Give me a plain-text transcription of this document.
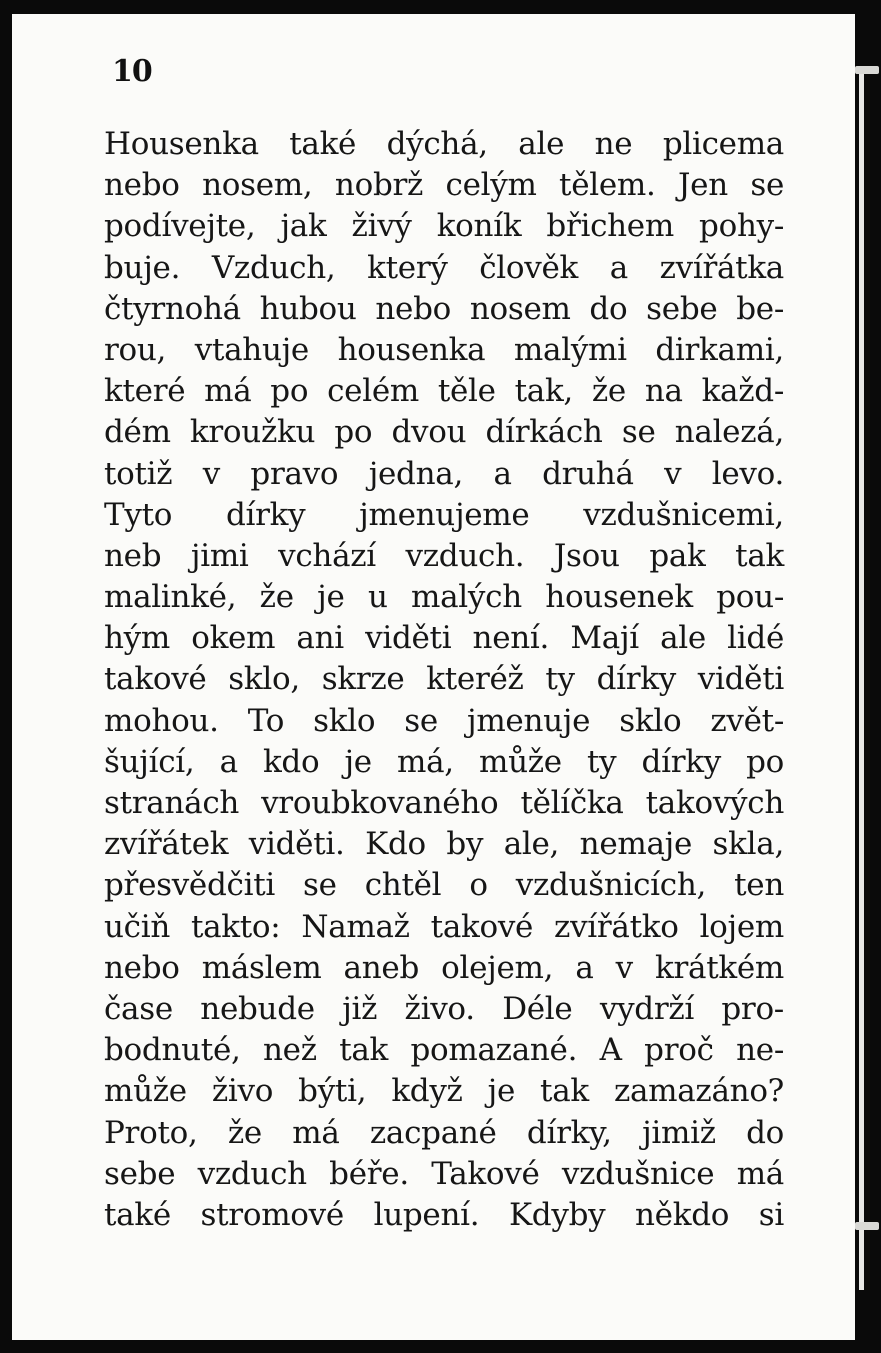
10
Housenka také dýchá, ale ne plicema
nebo nosem, nobrž celým tělem. Jen se
podívejte, jak živý koník břichem pohy-
buje. Vzduch, který člověk a zvířátka
čtyrnohá hubou nebo nosem do sebe be-
rou, vtahuje housenka malými dirkami,
které má po celém těle tak, že na každ-
dém kroužku po dvou dírkách se nalezá,
totiž v pravo jedna, a druhá v levo.
Tyto dírky jmenujeme vzdušnicemi,
neb jimi vchází vzduch. Jsou pak tak
malinké, že je u malých housenek pou-
hým okem ani viděti není. Mají ale lidé
takové sklo, skrze kteréž ty dírky viděti
mohou. To sklo se jmenuje sklo zvět-
šující, a kdo je má, může ty dírky po
stranách vroubkovaného tělíčka takových
zvířátek viděti. Kdo by ale, nemaje skla,
přesvědčiti se chtěl o vzdušnicích, ten
učiň takto: Namaž takové zvířátko lojem
nebo máslem aneb olejem, a v krátkém
čase nebude již živo. Déle vydrží pro-
bodnuté, než tak pomazané. A proč ne-
může živo býti, když je tak zamazáno?
Proto, že má zacpané dírky, jimiž do
sebe vzduch béře. Takové vzdušnice má
také stromové lupení. Kdyby někdo si
